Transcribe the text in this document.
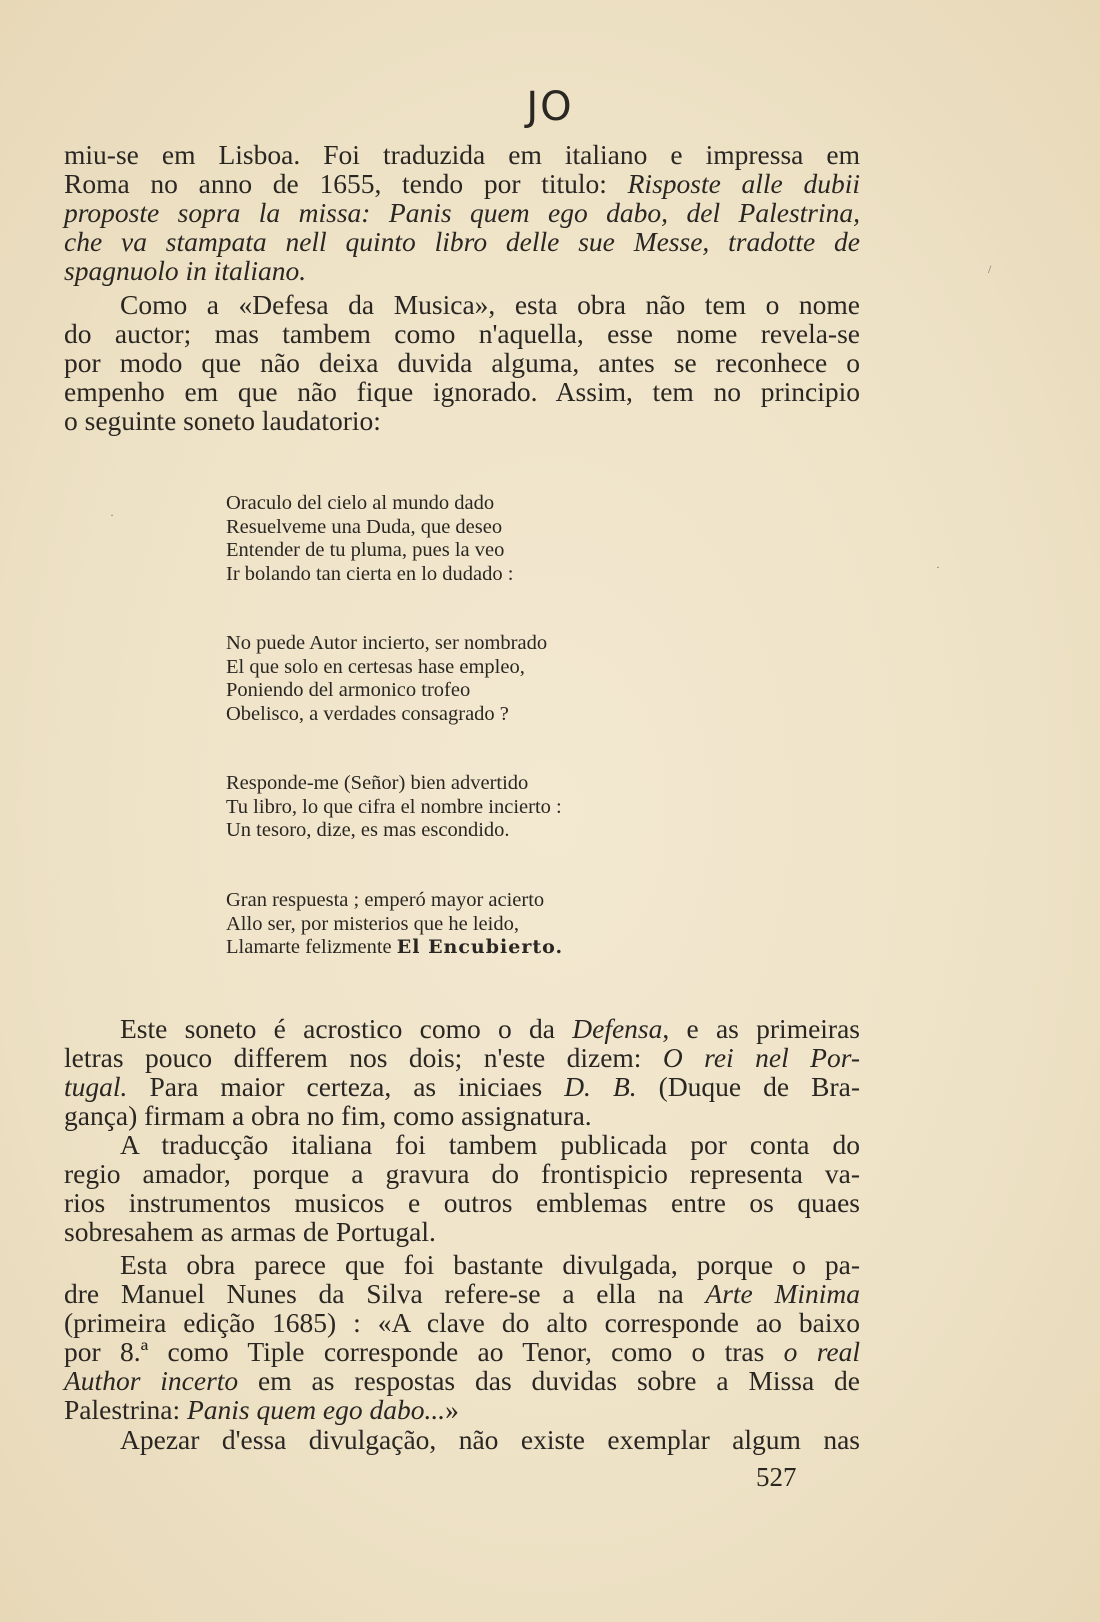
JO
miu-se em Lisboa. Foi traduzida em italiano e impressa em
Roma no anno de 1655, tendo por titulo: Risposte alle dubii
proposte sopra la missa: Panis quem ego dabo, del Palestrina,
che va stampata nell quinto libro delle sue Messe, tradotte de
spagnuolo in italiano.
Como a «Defesa da Musica», esta obra não tem o nome
do auctor; mas tambem como n'aquella, esse nome revela-se
por modo que não deixa duvida alguma, antes se reconhece o
empenho em que não fique ignorado. Assim, tem no principio
o seguinte soneto laudatorio:
Oraculo del cielo al mundo dado
Resuelveme una Duda, que deseo
Entender de tu pluma, pues la veo
Ir bolando tan cierta en lo dudado :
No puede Autor incierto, ser nombrado
El que solo en certesas hase empleo,
Poniendo del armonico trofeo
Obelisco, a verdades consagrado ?
Responde-me (Señor) bien advertido
Tu libro, lo que cifra el nombre incierto :
Un tesoro, dize, es mas escondido.
Gran respuesta ; emperó mayor acierto
Allo ser, por misterios que he leido,
Llamarte felizmente El Encubierto.
Este soneto é acrostico como o da Defensa, e as primeiras
letras pouco differem nos dois; n'este dizem: O rei nel Por-
tugal. Para maior certeza, as iniciaes D. B. (Duque de Bra-
gança) firmam a obra no fim, como assignatura.
A traducção italiana foi tambem publicada por conta do
regio amador, porque a gravura do frontispicio representa va-
rios instrumentos musicos e outros emblemas entre os quaes
sobresahem as armas de Portugal.
Esta obra parece que foi bastante divulgada, porque o pa-
dre Manuel Nunes da Silva refere-se a ella na Arte Minima
(primeira edição 1685) : «A clave do alto corresponde ao baixo
por 8.ª como Tiple corresponde ao Tenor, como o tras o real
Author incerto em as respostas das duvidas sobre a Missa de
Palestrina: Panis quem ego dabo...»
Apezar d'essa divulgação, não existe exemplar algum nas
527
/
·
·
